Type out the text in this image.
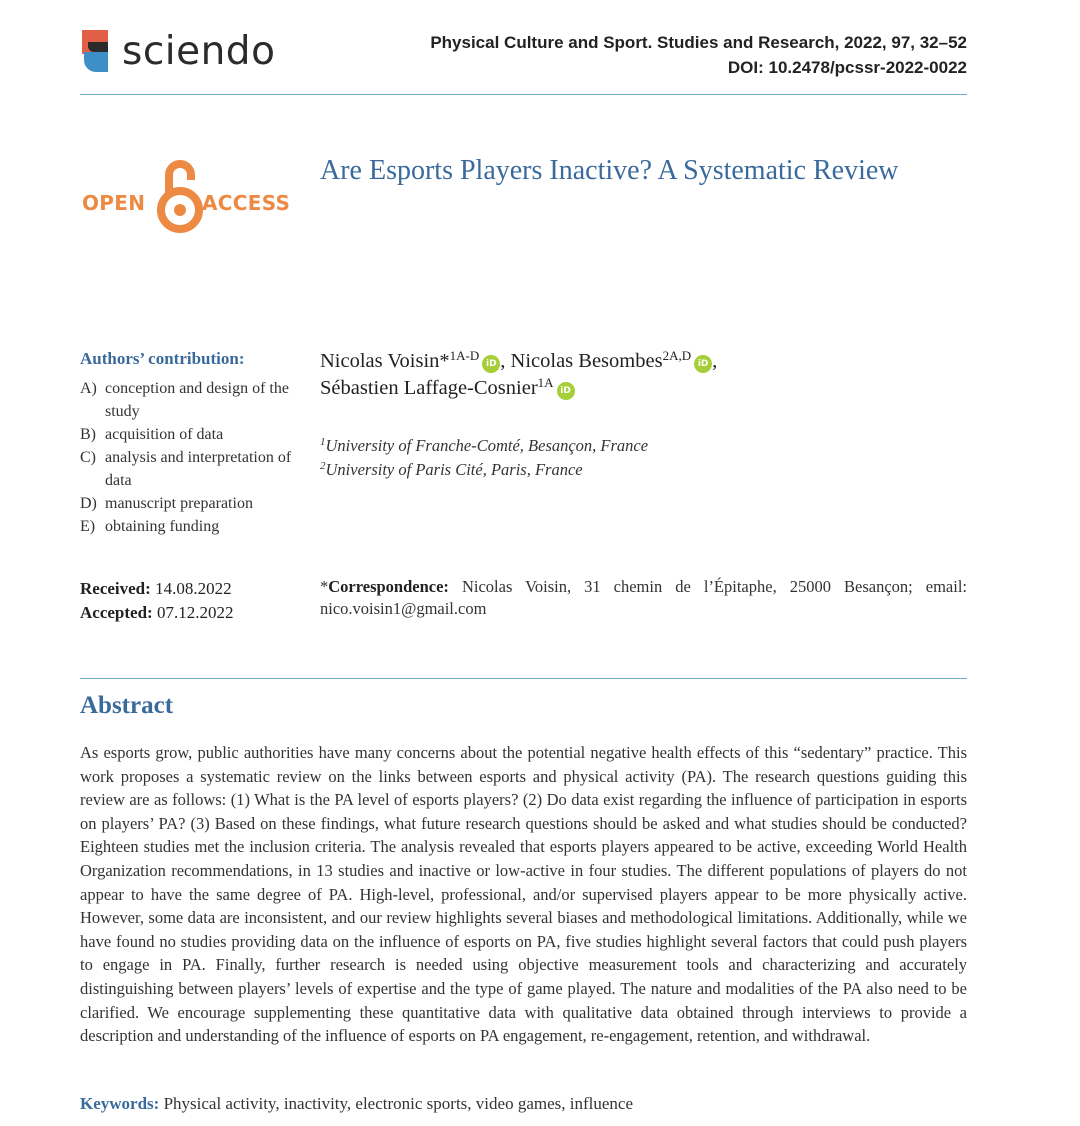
sciendo	Physical Culture and Sport. Studies and Research, 2022, 97, 32–52
DOI: 10.2478/pcssr-2022-0022
OPEN	ACCESS
Are Esports Players Inactive? A Systematic Review
Authors’ contribution:
A) conception and design of the study
B) acquisition of data
C) analysis and interpretation of data
D) manuscript preparation
E) obtaining funding
Received: 14.08.2022
Accepted: 07.12.2022
Nicolas Voisin*$^{1A-D}$iD , Nicolas Besombes$^{2A,D}$iD ,
Sébastien Laffage-Cosnier$^{1A}$iD
$^1$University of Franche-Comté, Besançon, France
$^2$University of Paris Cité, Paris, France
*Correspondence: Nicolas Voisin, 31 chemin de l’Épitaphe, 25000 Besançon; email: nico.voisin1@gmail.com
Abstract
As esports grow, public authorities have many concerns about the potential negative health effects of this “sedentary” practice. This work proposes a systematic review on the links between esports and physical activity (PA). The research questions guiding this review are as follows: (1) What is the PA level of esports players? (2) Do data exist regarding the influence of participation in esports on players’ PA? (3) Based on these findings, what future research questions should be asked and what studies should be conducted? Eighteen studies met the inclusion criteria. The analysis revealed that esports players appeared to be active, exceeding World Health Organization recommendations, in 13 studies and inactive or low-active in four studies. The different populations of players do not appear to have the same degree of PA. High-level, professional, and/or supervised players appear to be more physically active. However, some data are inconsistent, and our review highlights several biases and methodological limitations. Additionally, while we have found no studies providing data on the influence of esports on PA, five studies highlight several factors that could push players to engage in PA. Finally, further research is needed using objective measurement tools and characterizing and accurately distinguishing between players’ levels of expertise and the type of game played. The nature and modalities of the PA also need to be clarified. We encourage supplementing these quantitative data with qualitative data obtained through interviews to provide a description and understanding of the influence of esports on PA engagement, re-engagement, retention, and withdrawal.
Keywords: Physical activity, inactivity, electronic sports, video games, influence
